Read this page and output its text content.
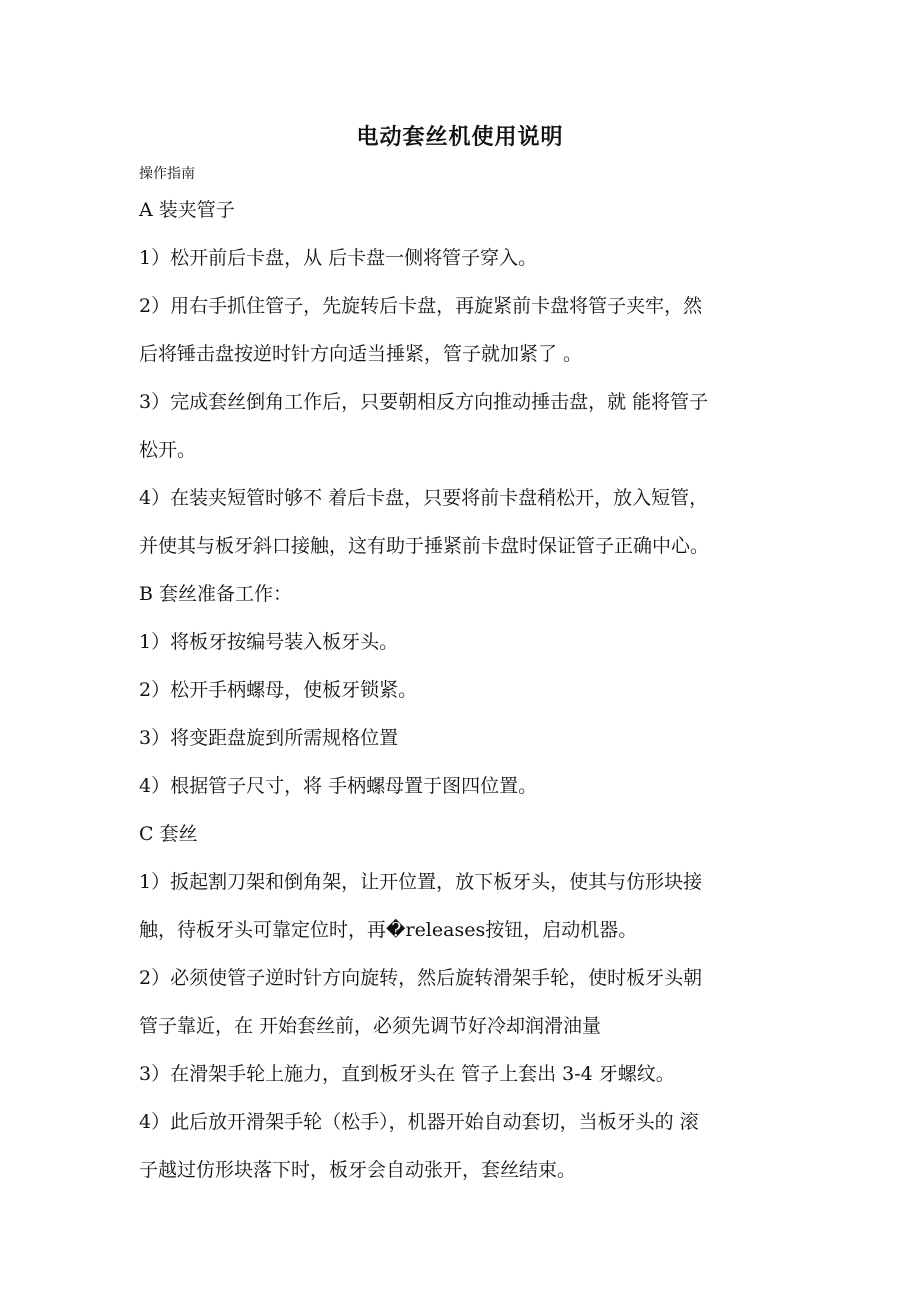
电动套丝机使用说明

操作指南

A 装夹管子

1）松开前后卡盘，从 后卡盘一侧将管子穿入。

2）用右手抓住管子，先旋转后卡盘，再旋紧前卡盘将管子夹牢，然

后将锤击盘按逆时针方向适当捶紧，管子就加紧了 。

3）完成套丝倒角工作后，只要朝相反方向推动捶击盘，就 能将管子

松开。

4）在装夹短管时够不 着后卡盘，只要将前卡盘稍松开，放入短管，

并使其与板牙斜口接触，这有助于捶紧前卡盘时保证管子正确中心。

B 套丝准备工作：

1）将板牙按编号装入板牙头。

2）松开手柄螺母，使板牙锁紧。

3）将变距盘旋到所需规格位置

4）根据管子尺寸，将 手柄螺母置于图四位置。

C 套丝

1）扳起割刀架和倒角架，让开位置，放下板牙头，使其与仿形块接

触，待板牙头可靠定位时，再�releases按钮，启动机器。

2）必须使管子逆时针方向旋转，然后旋转滑架手轮，使时板牙头朝

管子靠近，在 开始套丝前，必须先调节好冷却润滑油量

3）在滑架手轮上施力，直到板牙头在 管子上套出 3-4 牙螺纹。

4）此后放开滑架手轮（松手），机器开始自动套切，当板牙头的 滚

子越过仿形块落下时，板牙会自动张开，套丝结束。
